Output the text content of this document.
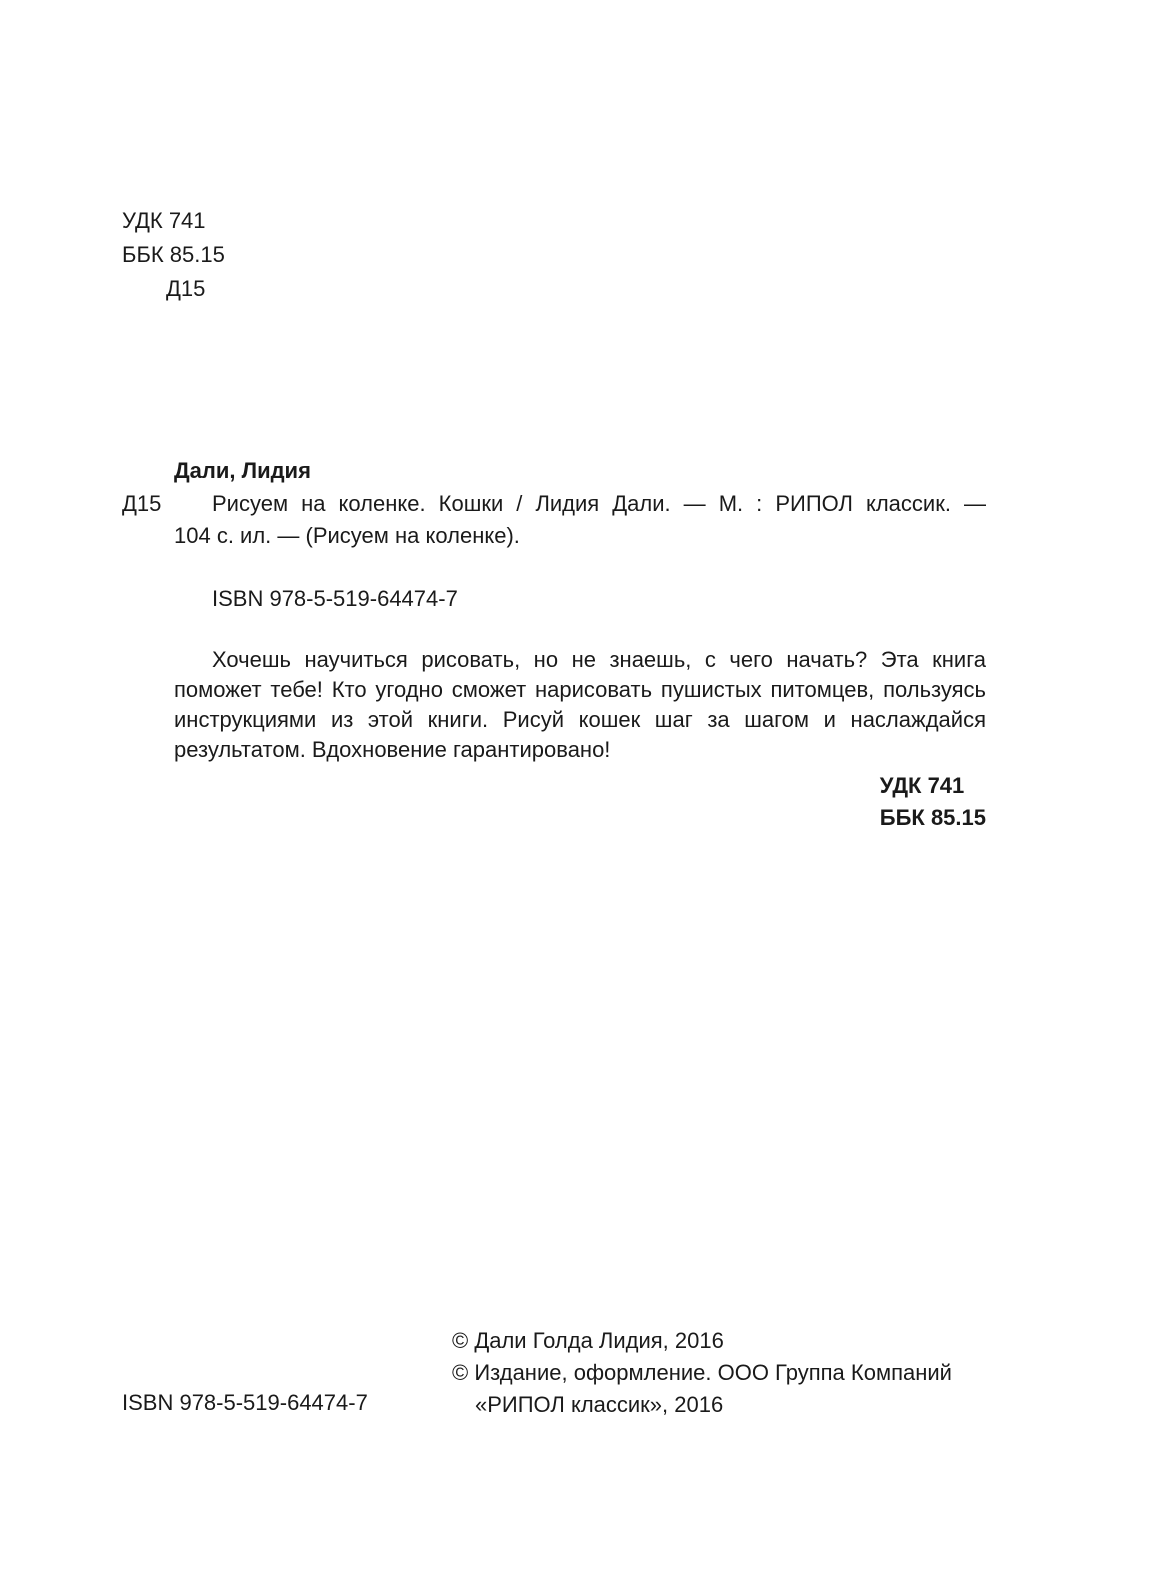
УДК 741
ББК 85.15
Д15
Дали, Лидия
Д15	Рисуем на коленке. Кошки / Лидия Дали. — М. : РИПОЛ классик. —
104 с. ил. — (Рисуем на коленке).
ISBN 978-5-519-64474-7
Хочешь научиться рисовать, но не знаешь, с чего начать? Эта книга поможет тебе! Кто угодно сможет нарисовать пушистых питомцев, пользуясь инструкциями из этой книги. Рисуй кошек шаг за шагом и наслаждайся результатом. Вдохновение гарантировано!
УДК 741
ББК 85.15
© Дали Голда Лидия, 2016
© Издание, оформление. ООО Группа Компаний
«РИПОЛ классик», 2016
ISBN 978-5-519-64474-7
